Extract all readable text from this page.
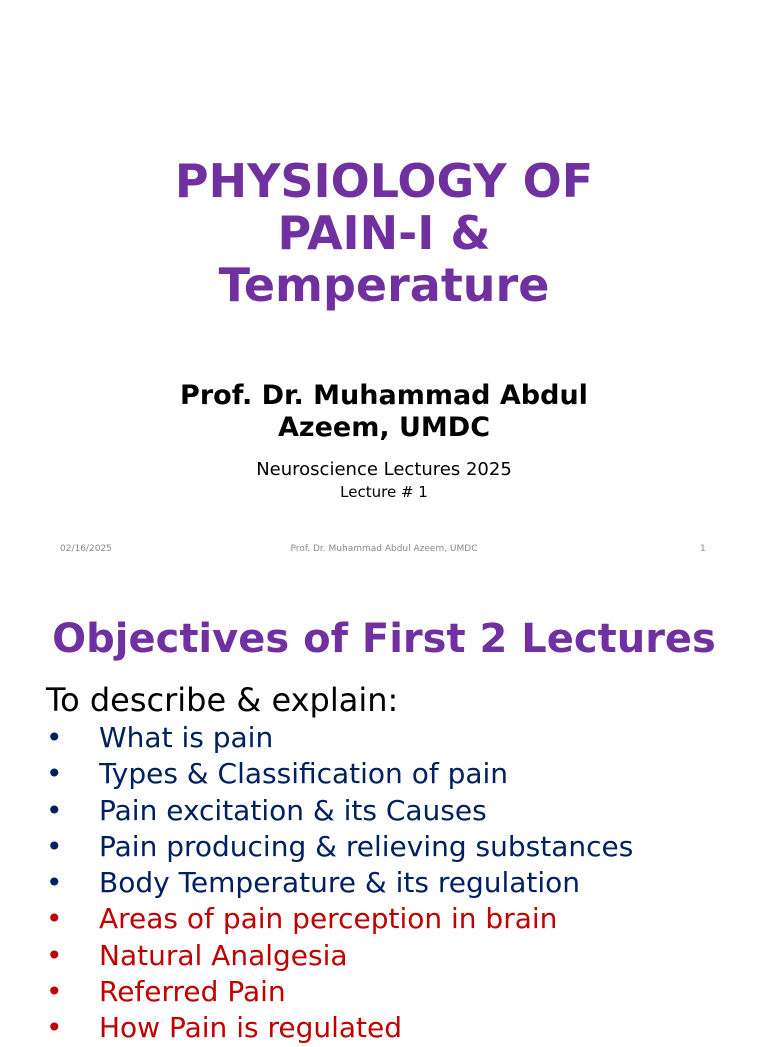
PHYSIOLOGY OF
PAIN-I &
Temperature
Prof. Dr. Muhammad Abdul
Azeem, UMDC
Neuroscience Lectures 2025
Lecture # 1
02/16/2025	Prof. Dr. Muhammad Abdul Azeem, UMDC	1
Objectives of First 2 Lectures
To describe & explain:
• What is pain
• Types & Classification of pain
• Pain excitation & its Causes
• Pain producing & relieving substances
• Body Temperature & its regulation
• Areas of pain perception in brain
• Natural Analgesia
• Referred Pain
• How Pain is regulated
